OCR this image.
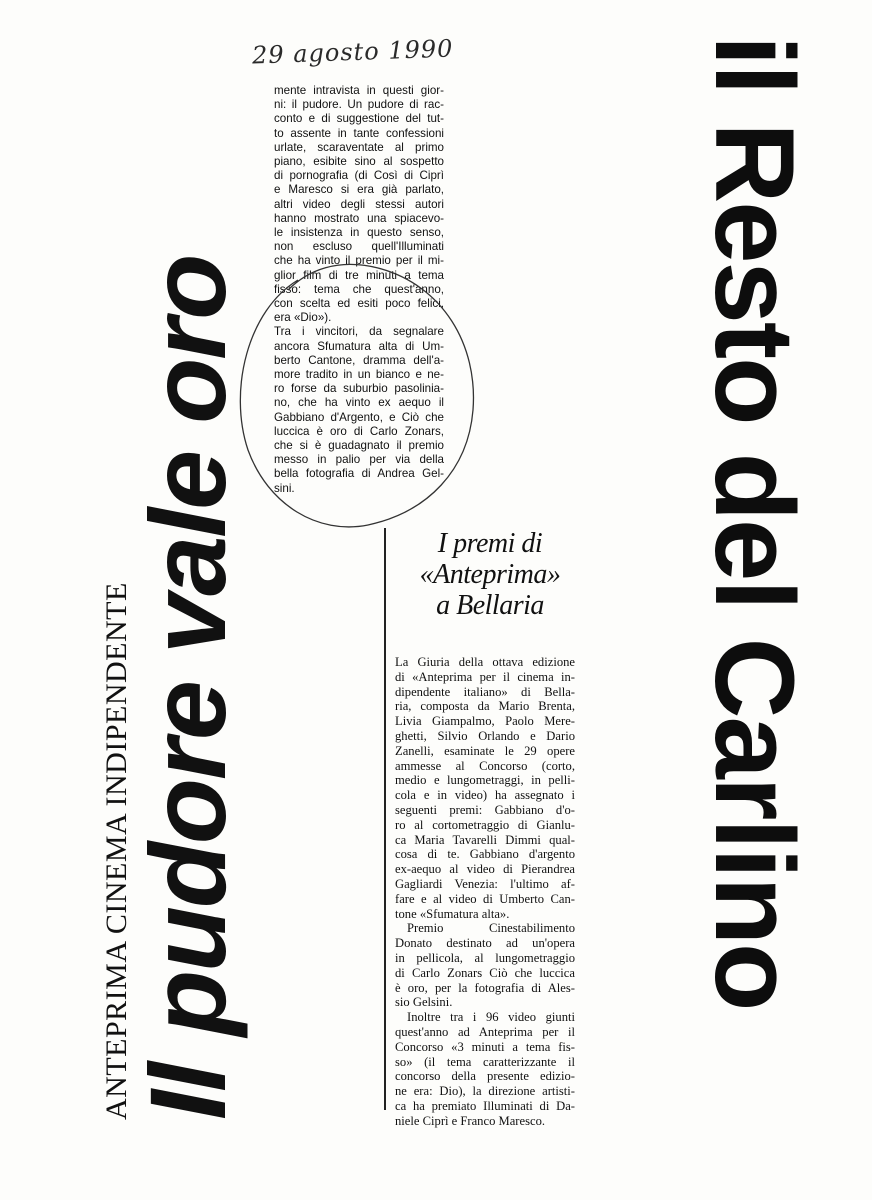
il Resto del Carlino
ANTEPRIMA CINEMA INDIPENDENTE
Il pudore vale oro
29 agosto 1990
mente intravista in questi gior-
ni: il pudore. Un pudore di rac-
conto e di suggestione del tut-
to assente in tante confessioni
urlate, scaraventate al primo
piano, esibite sino al sospetto
di pornografia (di Così di Ciprì
e Maresco si era già parlato,
altri video degli stessi autori
hanno mostrato una spiacevo-
le insistenza in questo senso,
non escluso quell'Illuminati
che ha vinto il premio per il mi-
glior film di tre minuti a tema
fisso: tema che quest'anno,
con scelta ed esiti poco felici,
era «Dio»).
Tra i vincitori, da segnalare
ancora Sfumatura alta di Um-
berto Cantone, dramma dell'a-
more tradito in un bianco e ne-
ro forse da suburbio pasolinia-
no, che ha vinto ex aequo il
Gabbiano d'Argento, e Ciò che
luccica è oro di Carlo Zonars,
che si è guadagnato il premio
messo in palio per via della
bella fotografia di Andrea Gel-
sini.
I premi di
«Anteprima»
a Bellaria
La Giuria della ottava edizione
di «Anteprima per il cinema in-
dipendente italiano» di Bella-
ria, composta da Mario Brenta,
Livia Giampalmo, Paolo Mere-
ghetti, Silvio Orlando e Dario
Zanelli, esaminate le 29 opere
ammesse al Concorso (corto,
medio e lungometraggi, in pelli-
cola e in video) ha assegnato i
seguenti premi: Gabbiano d'o-
ro al cortometraggio di Gianlu-
ca Maria Tavarelli Dimmi qual-
cosa di te. Gabbiano d'argento
ex-aequo al video di Pierandrea
Gagliardi Venezia: l'ultimo af-
fare e al video di Umberto Can-
tone «Sfumatura alta».
Premio Cinestabilimento
Donato destinato ad un'opera
in pellicola, al lungometraggio
di Carlo Zonars Ciò che luccica
è oro, per la fotografia di Ales-
sio Gelsini.
Inoltre tra i 96 video giunti
quest'anno ad Anteprima per il
Concorso «3 minuti a tema fis-
so» (il tema caratterizzante il
concorso della presente edizio-
ne era: Dio), la direzione artisti-
ca ha premiato Illuminati di Da-
niele Ciprì e Franco Maresco.
